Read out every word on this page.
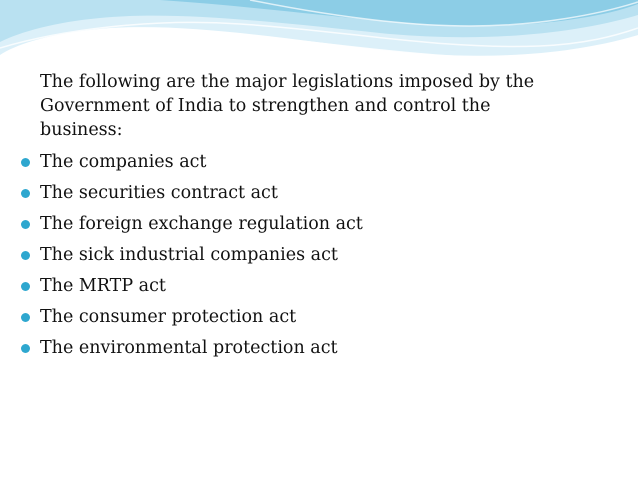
The following are the major legislations imposed by the Government of India to strengthen and control the business:

The companies act
The securities contract act
The foreign exchange regulation act
The sick industrial companies act
The MRTP act
The consumer protection act
The environmental protection act
